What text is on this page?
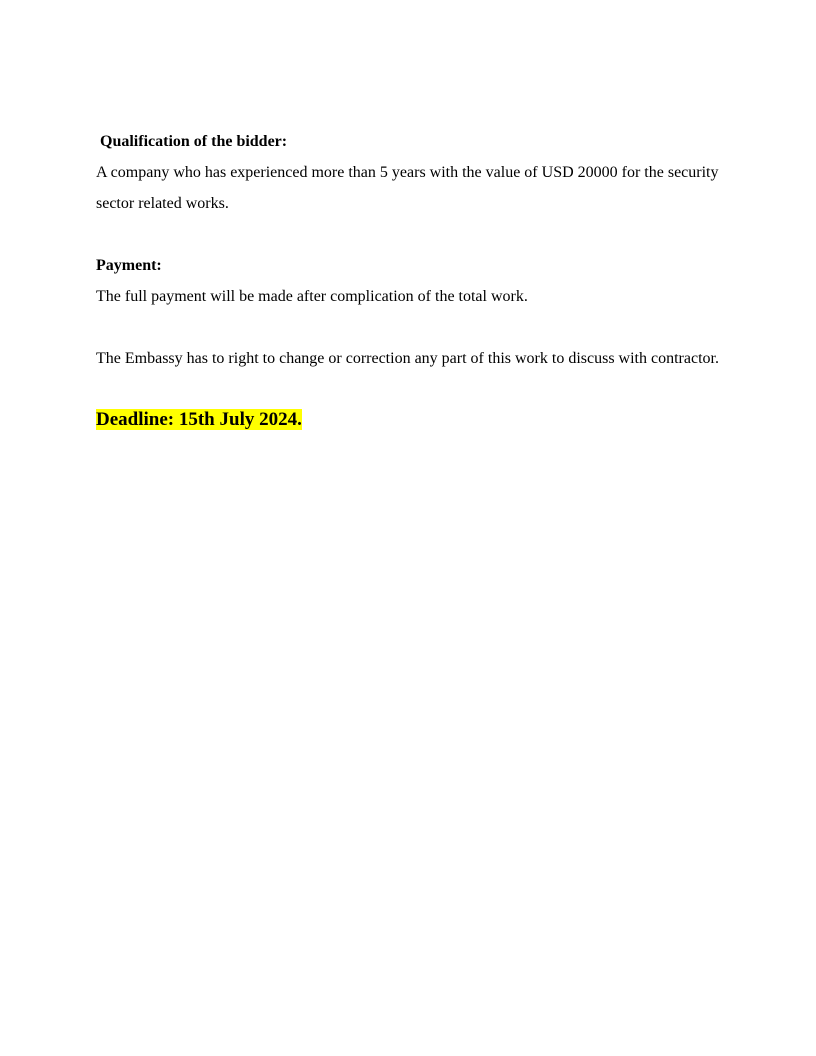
Qualification of the bidder:

A company who has experienced more than 5 years with the value of USD 20000 for the security sector related works.

Payment:

The full payment will be made after complication of the total work.

The Embassy has to right to change or correction any part of this work to discuss with contractor.

Deadline: 15th July 2024.
